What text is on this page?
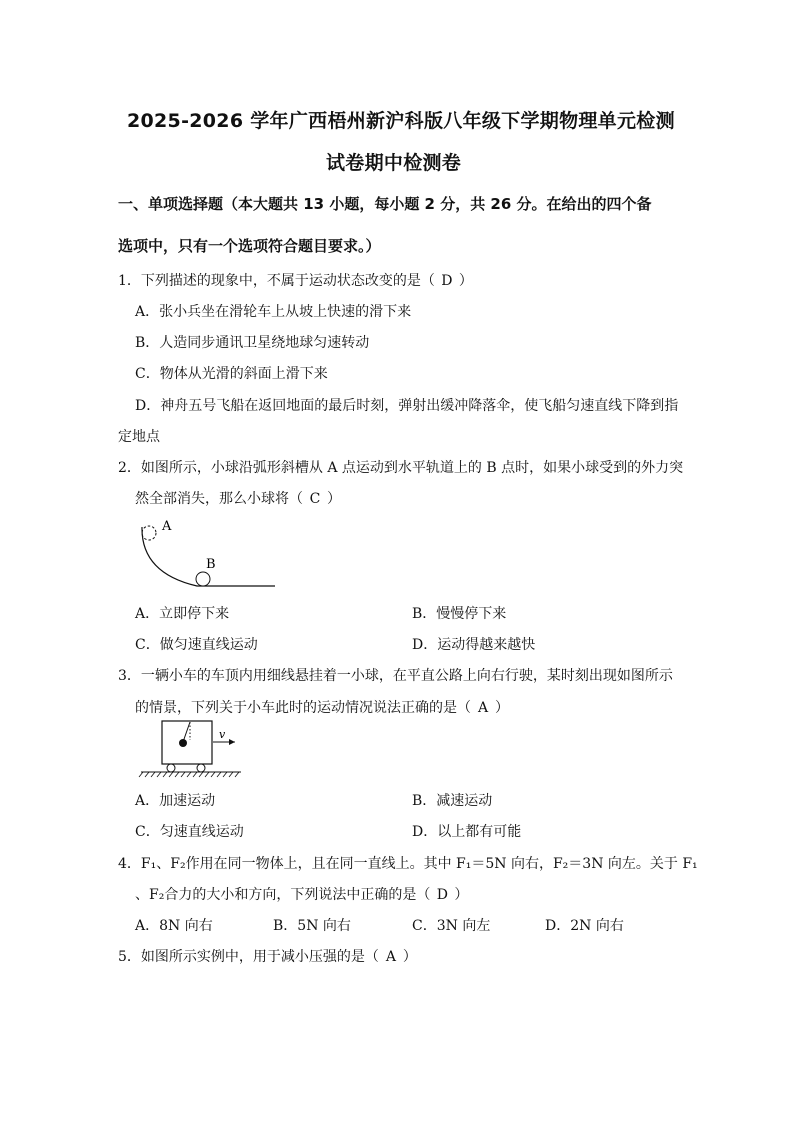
2025-2026 学年广西梧州新沪科版八年级下学期物理单元检测
试卷期中检测卷
一、单项选择题（本大题共 13 小题，每小题 2 分，共 26 分。在给出的四个备
选项中，只有一个选项符合题目要求。）
1．下列描述的现象中，不属于运动状态改变的是（ D ）
A．张小兵坐在滑轮车上从坡上快速的滑下来
B．人造同步通讯卫星绕地球匀速转动
C．物体从光滑的斜面上滑下来
D．神舟五号飞船在返回地面的最后时刻，弹射出缓冲降落伞，使飞船匀速直线下降到指
定地点
2．如图所示，小球沿弧形斜槽从 A 点运动到水平轨道上的 B 点时，如果小球受到的外力突
然全部消失，那么小球将（ C ）
A
B
A．立即停下来	B．慢慢停下来
C．做匀速直线运动	D．运动得越来越快
3．一辆小车的车顶内用细线悬挂着一小球，在平直公路上向右行驶，某时刻出现如图所示
的情景，下列关于小车此时的运动情况说法正确的是（ A ）
v
A．加速运动	B．减速运动
C．匀速直线运动	D．以上都有可能
4．F₁、F₂作用在同一物体上，且在同一直线上。其中 F₁＝5N 向右，F₂＝3N 向左。关于 F₁
、F₂合力的大小和方向，下列说法中正确的是（ D ）
A．8N 向右	B．5N 向右	C．3N 向左	D．2N 向右
5．如图所示实例中，用于减小压强的是（ A ）
